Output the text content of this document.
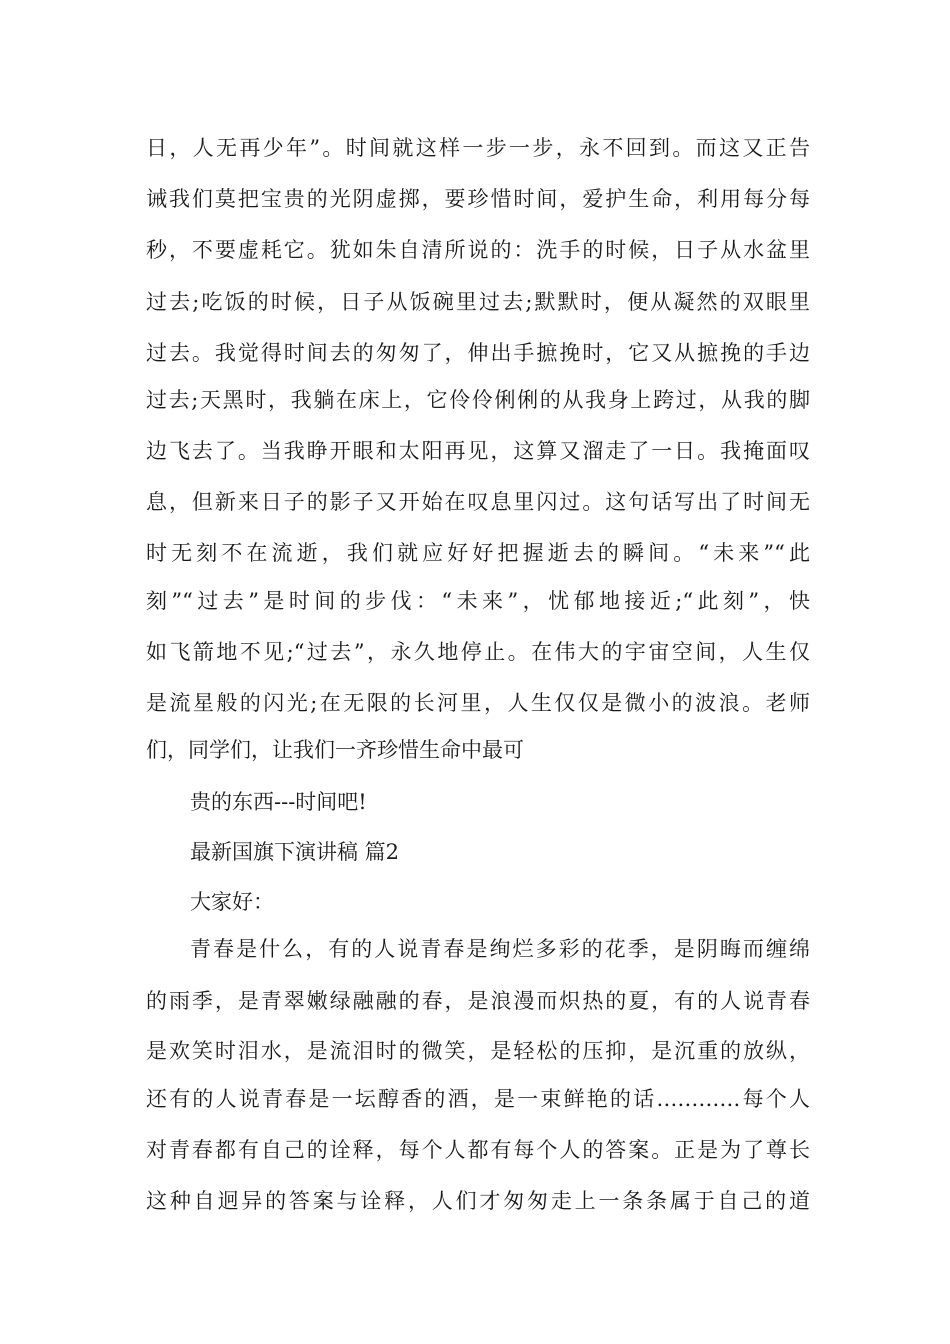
日，人无再少年”。时间就这样一步一步，永不回到。而这又正告
诫我们莫把宝贵的光阴虚掷，要珍惜时间，爱护生命，利用每分每
秒，不要虚耗它。犹如朱自清所说的：洗手的时候，日子从水盆里
过去;吃饭的时候，日子从饭碗里过去;默默时，便从凝然的双眼里
过去。我觉得时间去的匆匆了，伸出手摭挽时，它又从摭挽的手边
过去;天黑时，我躺在床上，它伶伶俐俐的从我身上跨过，从我的脚
边飞去了。当我睁开眼和太阳再见，这算又溜走了一日。我掩面叹
息，但新来日子的影子又开始在叹息里闪过。这句话写出了时间无
时无刻不在流逝，我们就应好好把握逝去的瞬间。“未来”“此
刻”“过去”是时间的步伐：“未来”，忧郁地接近;“此刻”，快
如飞箭地不见;“过去”，永久地停止。在伟大的宇宙空间，人生仅
是流星般的闪光;在无限的长河里，人生仅仅是微小的波浪。老师
们，同学们，让我们一齐珍惜生命中最可
贵的东西---时间吧!
最新国旗下演讲稿 篇2
大家好：
青春是什么，有的人说青春是绚烂多彩的花季，是阴晦而缠绵
的雨季，是青翠嫩绿融融的春，是浪漫而炽热的夏，有的人说青春
是欢笑时泪水，是流泪时的微笑，是轻松的压抑，是沉重的放纵，
还有的人说青春是一坛醇香的酒，是一束鲜艳的话…………每个人
对青春都有自己的诠释，每个人都有每个人的答案。正是为了尊长
这种自迥异的答案与诠释，人们才匆匆走上一条条属于自己的道
